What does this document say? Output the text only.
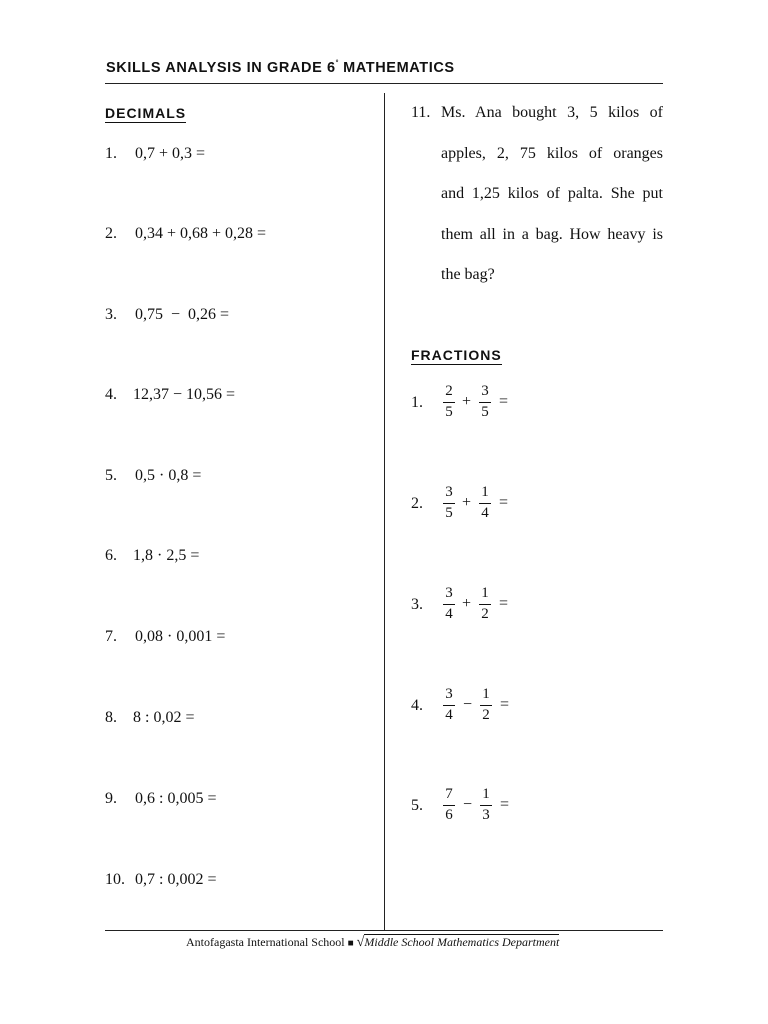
SKILLS ANALYSIS IN GRADE 6° MATHEMATICS
DECIMALS
1. 0,7 + 0,3 =
2. 0,34 + 0,68 + 0,28 =
3. 0,75  −  0,26 =
4. 12,37 − 10,56 =
5. 0,5 · 0,8 =
6. 1,8 · 2,5 =
7. 0,08 · 0,001 =
8. 8 : 0,02 =
9. 0,6 : 0,005 =
10. 0,7 : 0,002 =
11. Ms. Ana bought 3, 5 kilos of
apples, 2, 75 kilos of oranges
and 1,25 kilos of palta. She put
them all in a bag. How heavy is
the bag?
FRACTIONS
1.
2
5
+
3
5
=
2.
3
5
+
1
4
=
3.
3
4
+
1
2
=
4.
3
4
−
1
2
=
5.
7
6
−
1
3
=
Antofagasta International School ■ √Middle School Mathematics Department
